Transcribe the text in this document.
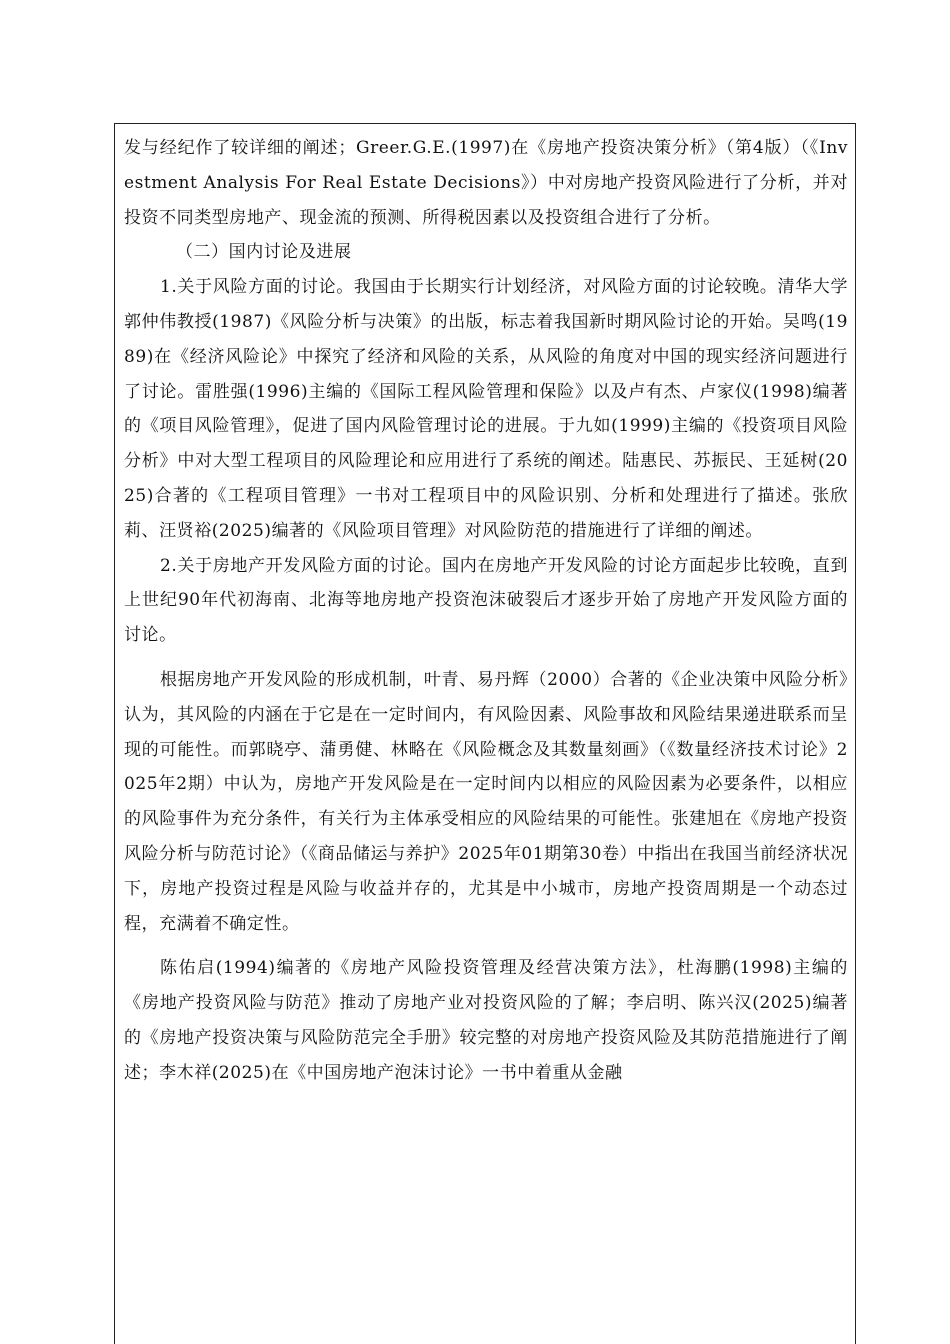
发与经纪作了较详细的阐述；Greer.G.E.(1997)在《房地产投资决策分析》（第4版）（《Investment Analysis For Real Estate Decisions》）中对房地产投资风险进行了分析，并对投资不同类型房地产、现金流的预测、所得税因素以及投资组合进行了分析。

（二）国内讨论及进展

1.关于风险方面的讨论。我国由于长期实行计划经济，对风险方面的讨论较晚。清华大学郭仲伟教授(1987)《风险分析与决策》的出版，标志着我国新时期风险讨论的开始。吴鸣(1989)在《经济风险论》中探究了经济和风险的关系，从风险的角度对中国的现实经济问题进行了讨论。雷胜强(1996)主编的《国际工程风险管理和保险》以及卢有杰、卢家仪(1998)编著的《项目风险管理》，促进了国内风险管理讨论的进展。于九如(1999)主编的《投资项目风险分析》中对大型工程项目的风险理论和应用进行了系统的阐述。陆惠民、苏振民、王延树(2025)合著的《工程项目管理》一书对工程项目中的风险识别、分析和处理进行了描述。张欣莉、汪贤裕(2025)编著的《风险项目管理》对风险防范的措施进行了详细的阐述。

2.关于房地产开发风险方面的讨论。国内在房地产开发风险的讨论方面起步比较晚，直到上世纪90年代初海南、北海等地房地产投资泡沫破裂后才逐步开始了房地产开发风险方面的讨论。

根据房地产开发风险的形成机制，叶青、易丹辉（2000）合著的《企业决策中风险分析》认为，其风险的内涵在于它是在一定时间内，有风险因素、风险事故和风险结果递进联系而呈现的可能性。而郭晓亭、蒲勇健、林略在《风险概念及其数量刻画》（《数量经济技术讨论》2025年2期）中认为，房地产开发风险是在一定时间内以相应的风险因素为必要条件，以相应的风险事件为充分条件，有关行为主体承受相应的风险结果的可能性。张建旭在《房地产投资风险分析与防范讨论》（《商品储运与养护》2025年01期第30卷）中指出在我国当前经济状况下，房地产投资过程是风险与收益并存的，尤其是中小城市，房地产投资周期是一个动态过程，充满着不确定性。

陈佑启(1994)编著的《房地产风险投资管理及经营决策方法》，杜海鹏(1998)主编的《房地产投资风险与防范》推动了房地产业对投资风险的了解；李启明、陈兴汉(2025)编著的《房地产投资决策与风险防范完全手册》较完整的对房地产投资风险及其防范措施进行了阐述；李木祥(2025)在《中国房地产泡沫讨论》一书中着重从金融
